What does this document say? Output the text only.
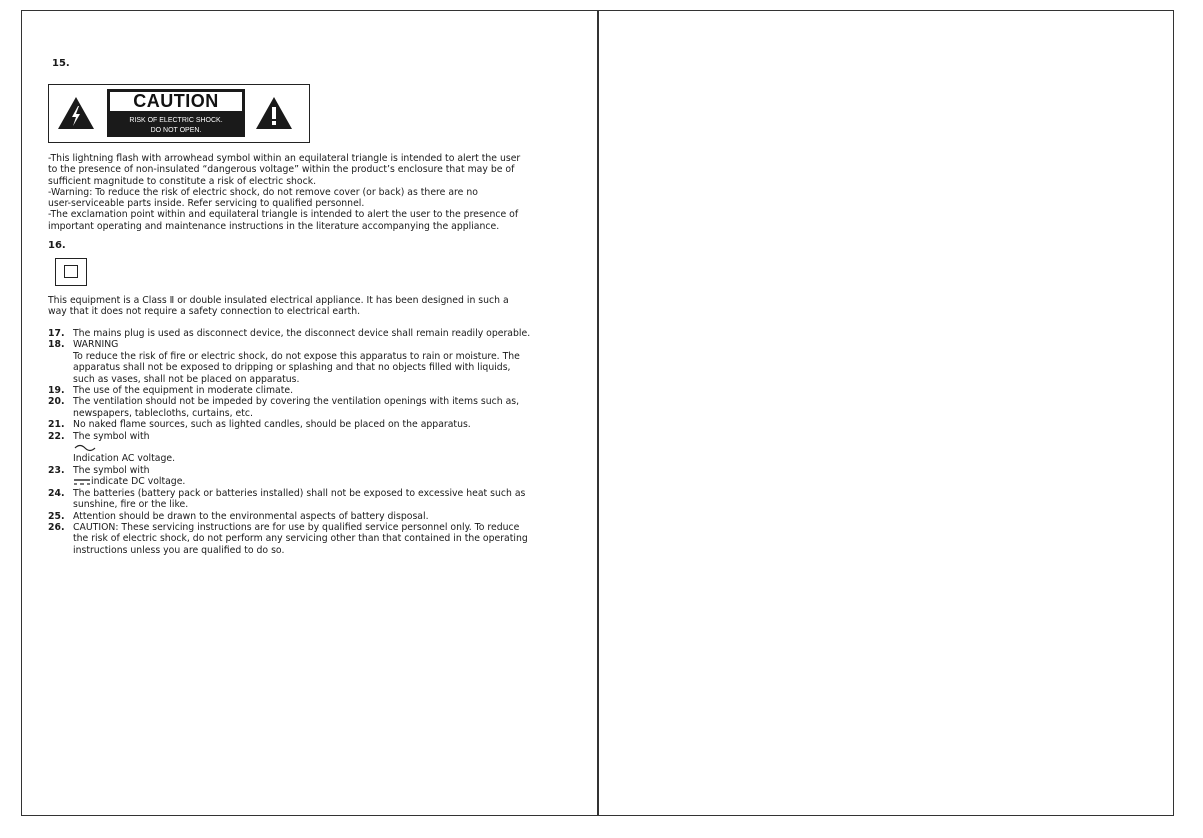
15.
CAUTION
RISK OF ELECTRIC SHOCK.
DO NOT OPEN.
-This lightning flash with arrowhead symbol within an equilateral triangle is intended to alert the user
to the presence of non-insulated “dangerous voltage” within the product’s enclosure that may be of
sufficient magnitude to constitute a risk of electric shock.
-Warning: To reduce the risk of electric shock, do not remove cover (or back) as there are no
user-serviceable parts inside. Refer servicing to qualified personnel.
-The exclamation point within and equilateral triangle is intended to alert the user to the presence of
important operating and maintenance instructions in the literature accompanying the appliance.
16.
This equipment is a Class Ⅱ or double insulated electrical appliance. It has been designed in such a
way that it does not require a safety connection to electrical earth.
17. The mains plug is used as disconnect device, the disconnect device shall remain readily operable.
18. WARNING
To reduce the risk of fire or electric shock, do not expose this apparatus to rain or moisture. The
apparatus shall not be exposed to dripping or splashing and that no objects filled with liquids,
such as vases, shall not be placed on apparatus.
19. The use of the equipment in moderate climate.
20. The ventilation should not be impeded by covering the ventilation openings with items such as,
newspapers, tablecloths, curtains, etc.
21. No naked flame sources, such as lighted candles, should be placed on the apparatus.
22. The symbol with

Indication AC voltage.
23. The symbol with
indicate DC voltage.
24. The batteries (battery pack or batteries installed) shall not be exposed to excessive heat such as
sunshine, fire or the like.
25. Attention should be drawn to the environmental aspects of battery disposal.
26. CAUTION: These servicing instructions are for use by qualified service personnel only. To reduce
the risk of electric shock, do not perform any servicing other than that contained in the operating
instructions unless you are qualified to do so.
